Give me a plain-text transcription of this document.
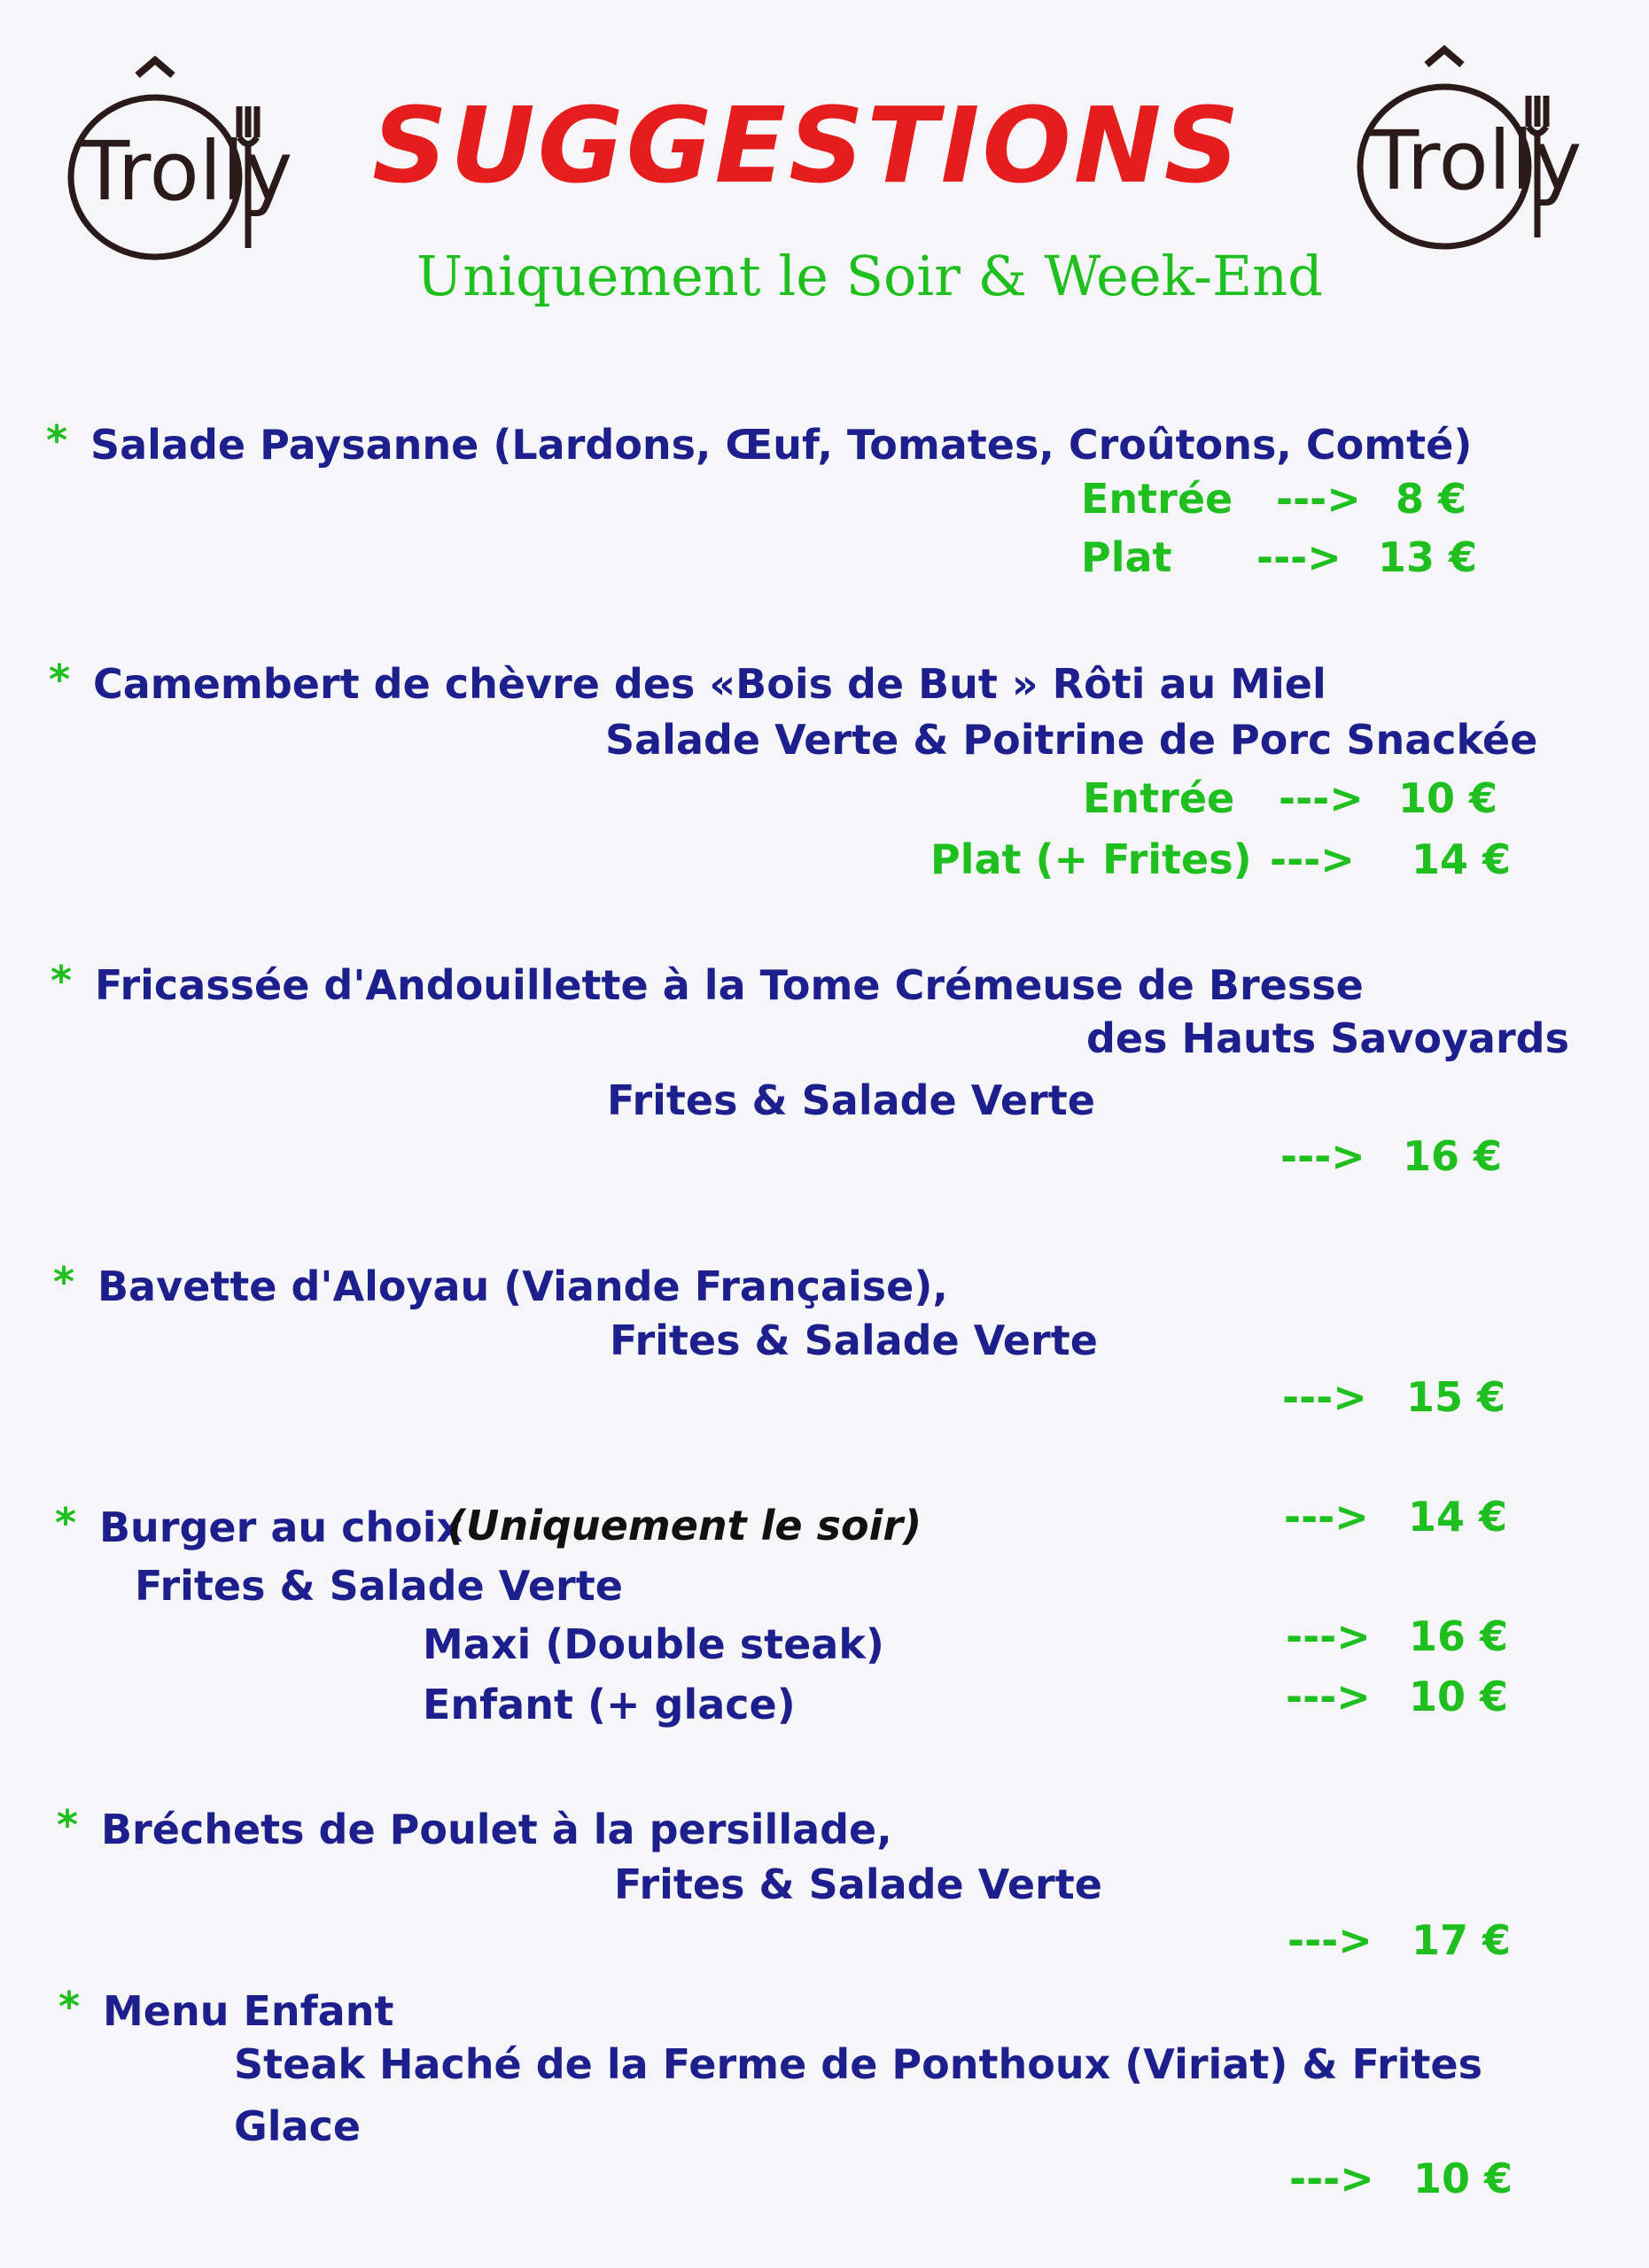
Trolly	Trolly
SUGGESTIONS
Uniquement le Soir & Week-End
* Salade Paysanne (Lardons, Œuf, Tomates, Croûtons, Comté)
Entrée ---> 8 €
Plat ---> 13 €
* Camembert de chèvre des «Bois de But » Rôti au Miel
Salade Verte & Poitrine de Porc Snackée
Entrée ---> 10 €
Plat (+ Frites) ---> 14 €
* Fricassée d'Andouillette à la Tome Crémeuse de Bresse
des Hauts Savoyards
Frites & Salade Verte
---> 16 €
* Bavette d'Aloyau (Viande Française),
Frites & Salade Verte
---> 15 €
* Burger au choix
(Uniquement le soir)	---> 14 €
Frites & Salade Verte
Maxi (Double steak)	---> 16 €
Enfant (+ glace)	---> 10 €
* Bréchets de Poulet à la persillade,
Frites & Salade Verte
---> 17 €
* Menu Enfant
Steak Haché de la Ferme de Ponthoux (Viriat) & Frites
Glace
---> 10 €
